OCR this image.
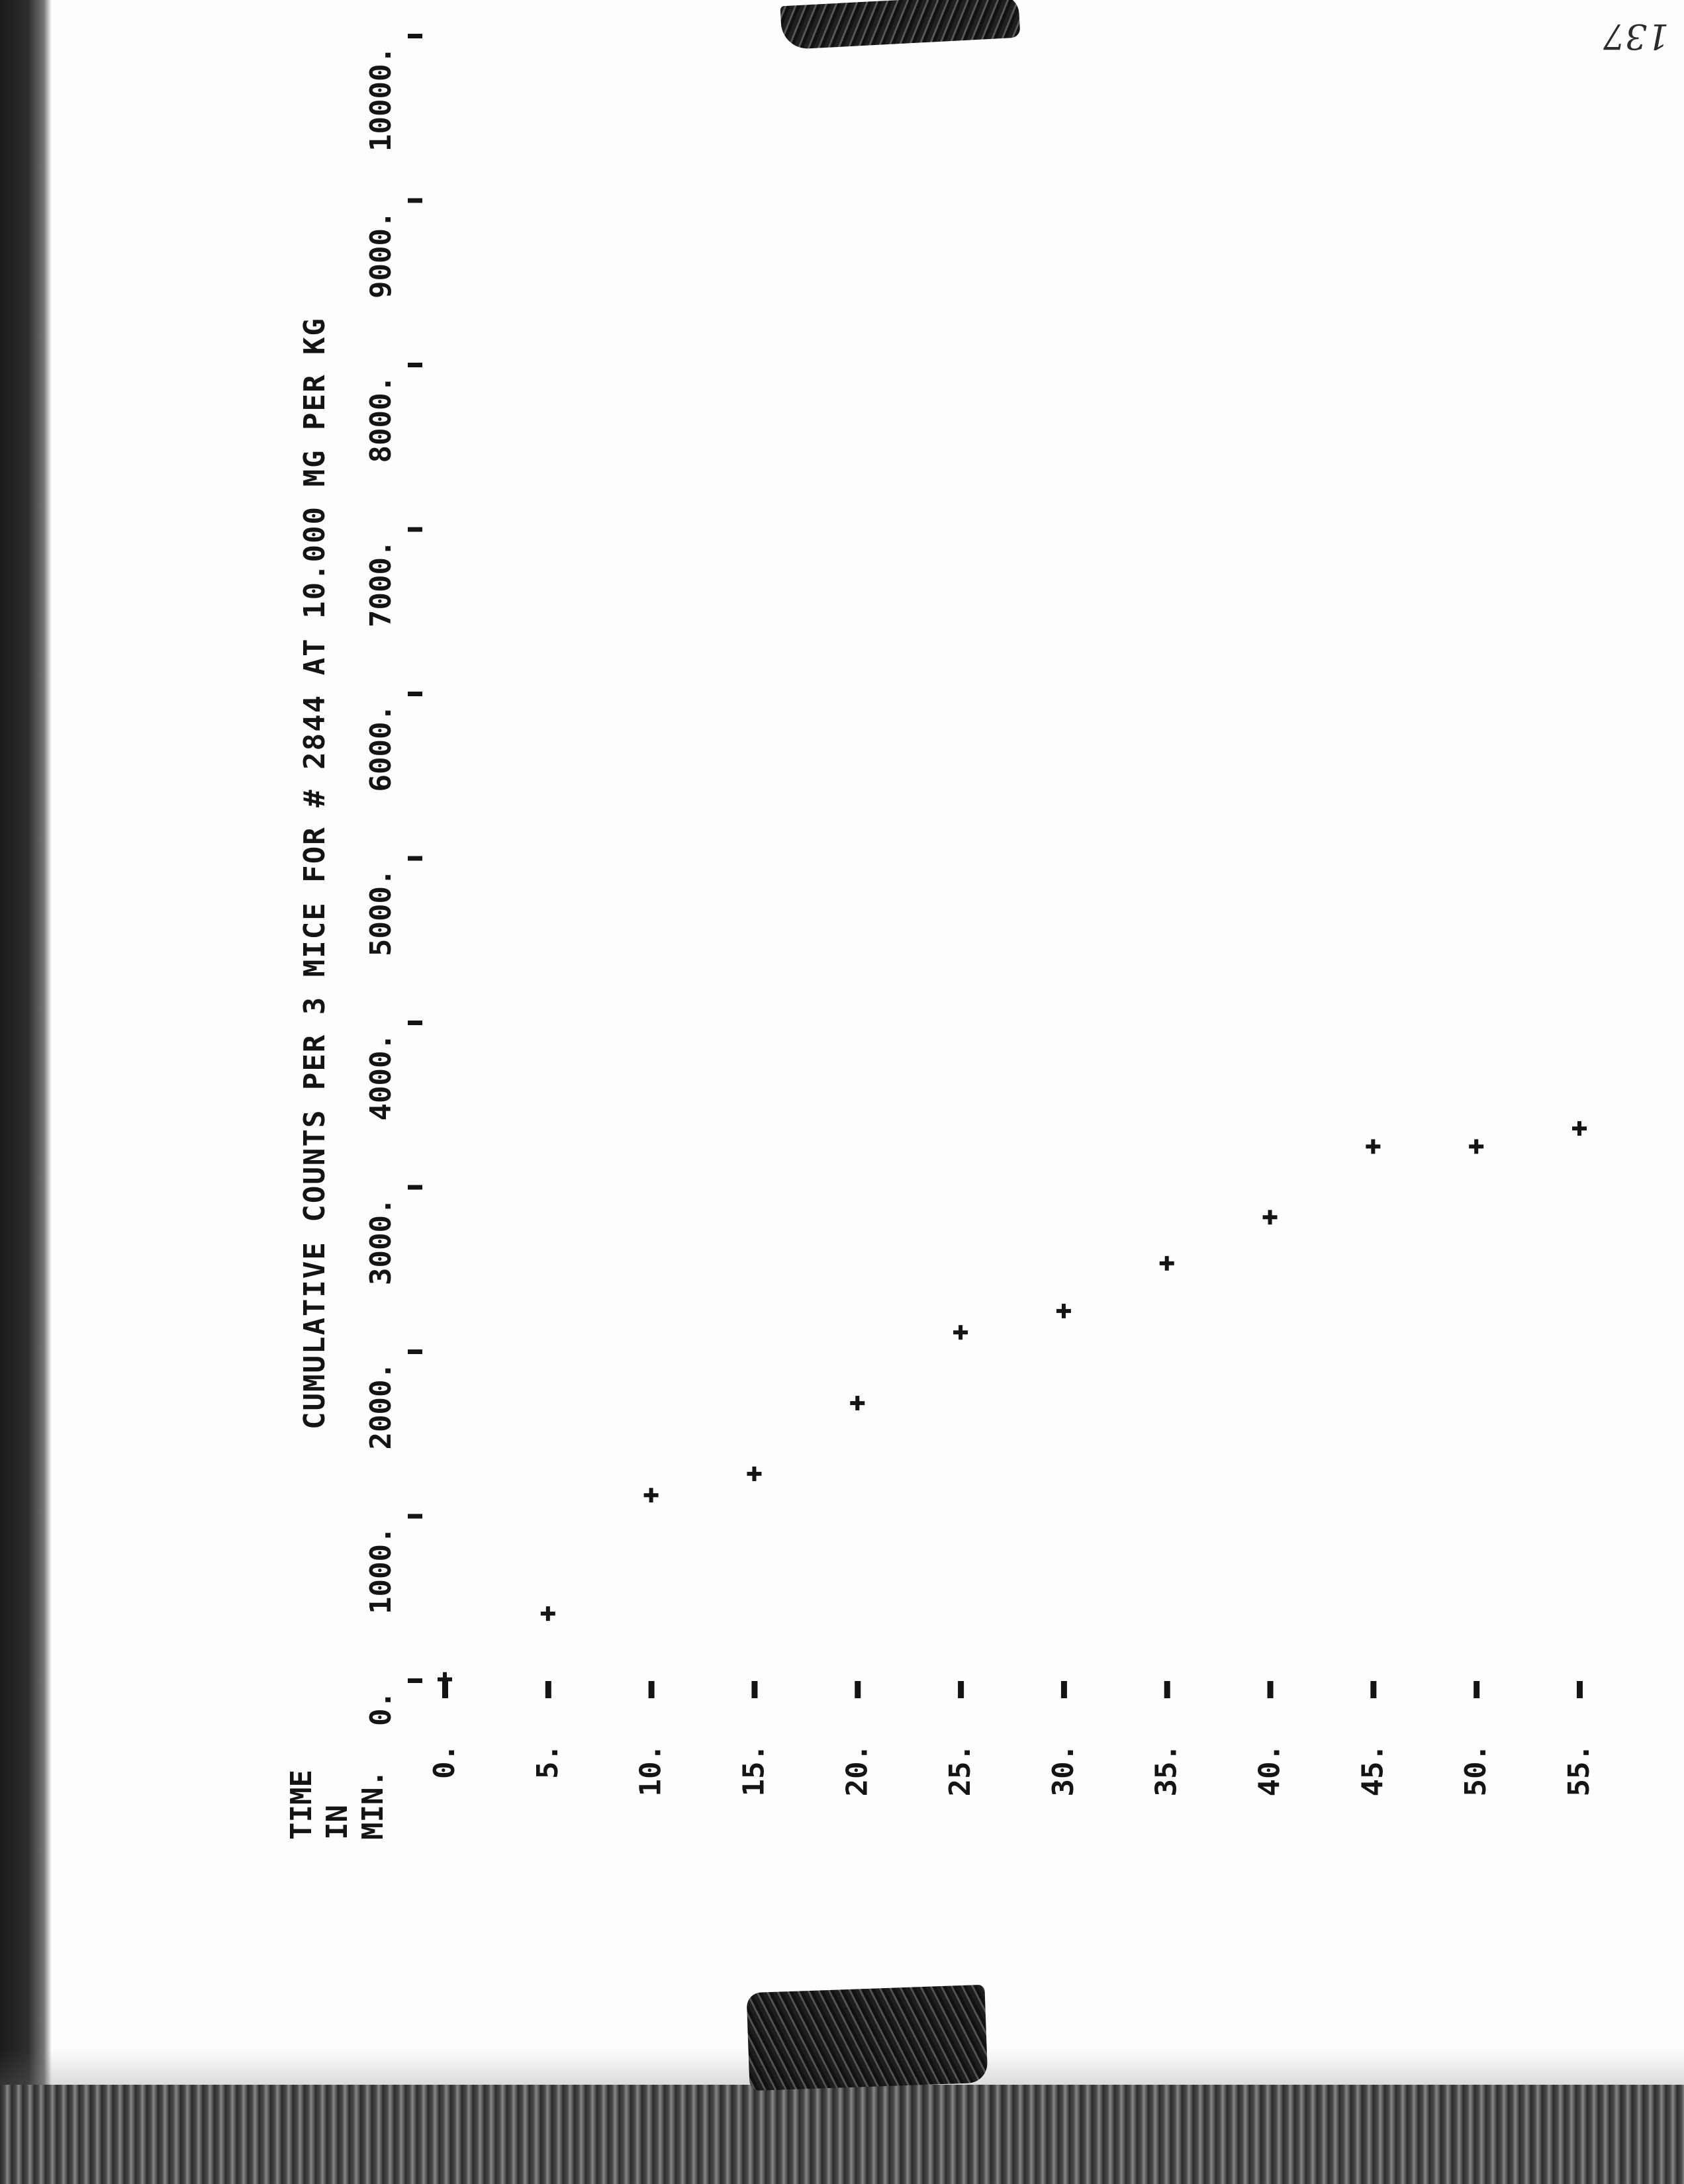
137
CUMULATIVE COUNTS PER 3 MICE FOR # 2844 AT 10.000 MG PER KG
TIME IN MIN.
0.
1000.
2000.
3000.
4000.
5000.
6000.
7000.
8000.
9000.
10000.
0. 5. 10. 15. 20. 25. 30. 35. 40. 45. 50. 55.
